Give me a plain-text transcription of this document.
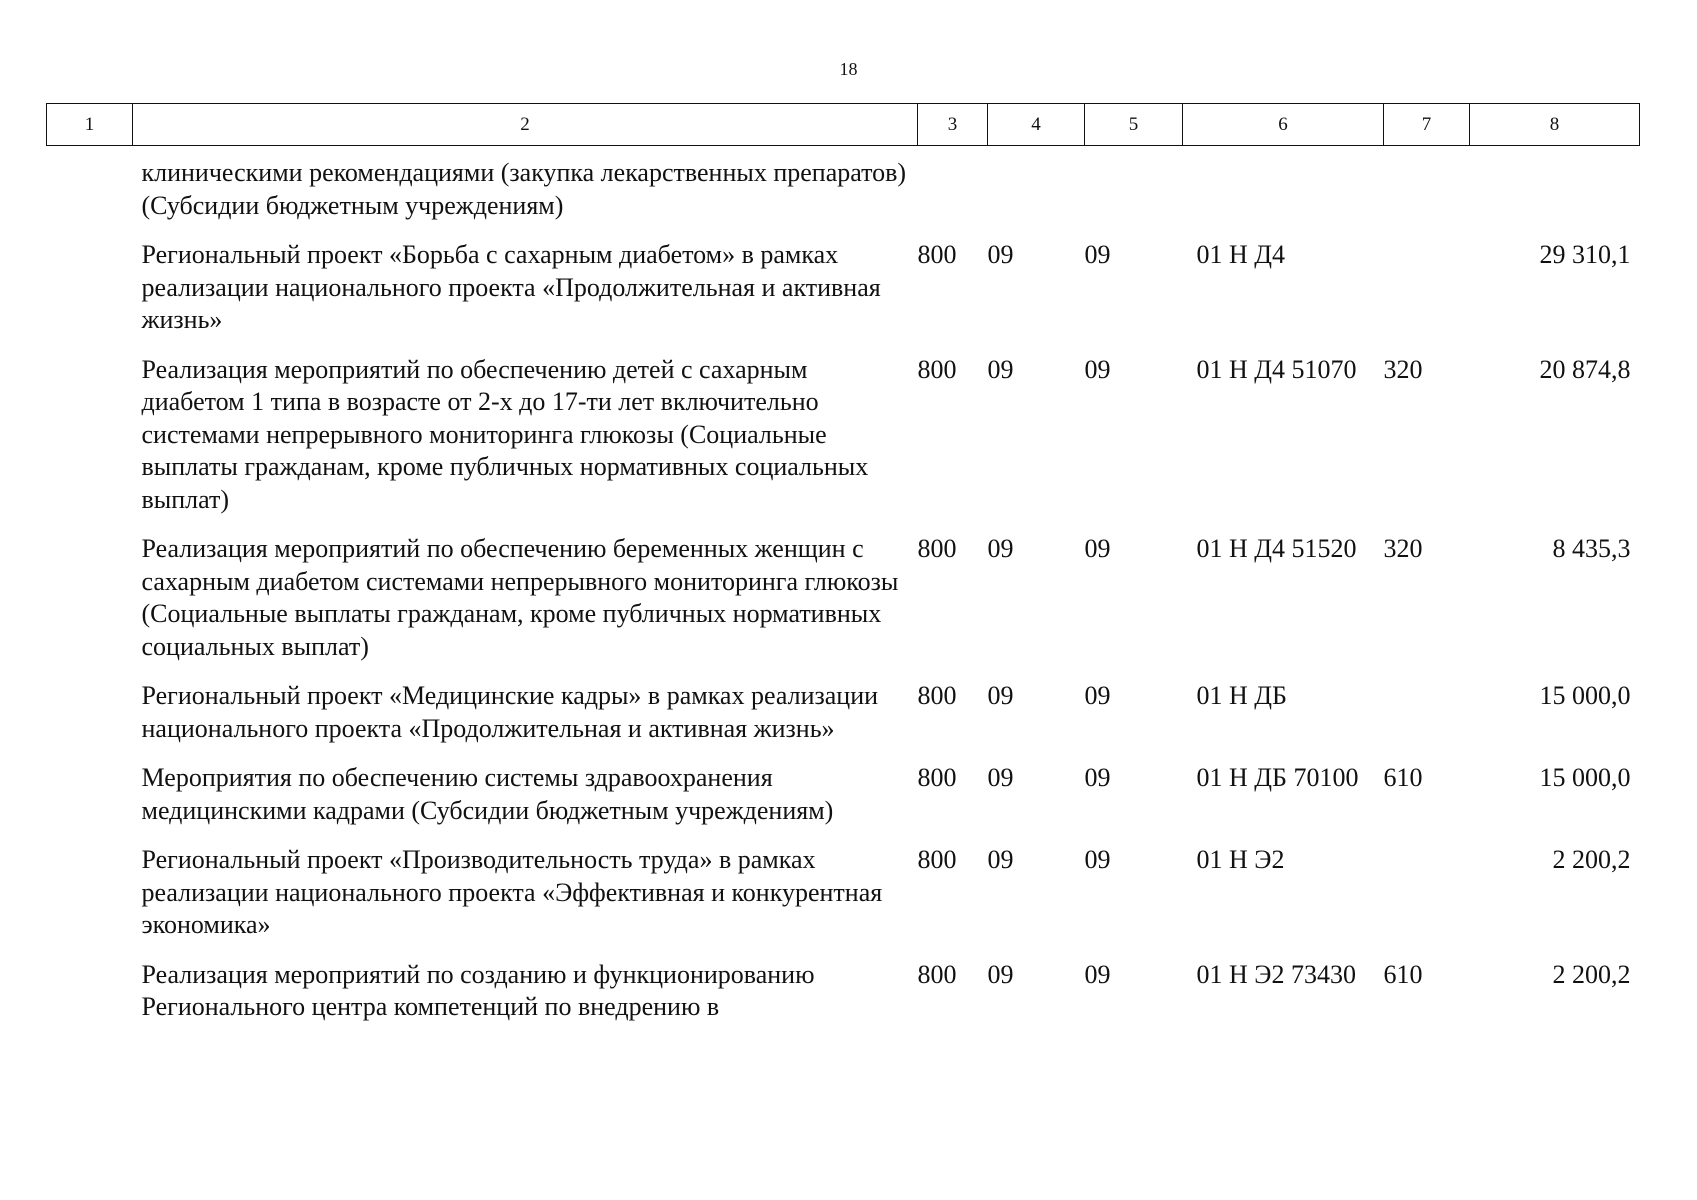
18
1	2	3	4	5	6	7	8
	клиническими рекомендациями (закупка лекарственных препаратов) (Субсидии бюджетным учреждениям)						
	Региональный проект «Борьба с сахарным диабетом» в рамках реализации национального проекта «Продолжительная и активная жизнь»	800	09	09	01 Н Д4		29 310,1
	Реализация мероприятий по обеспечению детей с сахарным диабетом 1 типа в возрасте от 2-х до 17-ти лет включительно системами непрерывного мониторинга глюкозы (Социальные выплаты гражданам, кроме публичных нормативных социальных выплат)	800	09	09	01 Н Д4 51070	320	20 874,8
	Реализация мероприятий по обеспечению беременных женщин с сахарным диабетом системами непрерывного мониторинга глюкозы (Социальные выплаты гражданам, кроме публичных нормативных социальных выплат)	800	09	09	01 Н Д4 51520	320	8 435,3
	Региональный проект «Медицинские кадры» в рамках реализации национального проекта «Продолжительная и активная жизнь»	800	09	09	01 Н ДБ		15 000,0
	Мероприятия по обеспечению системы здравоохранения медицинскими кадрами (Субсидии бюджетным учреждениям)	800	09	09	01 Н ДБ 70100	610	15 000,0
	Региональный проект «Производительность труда» в рамках реализации национального проекта «Эффективная и конкурентная экономика»	800	09	09	01 Н Э2		2 200,2
	Реализация мероприятий по созданию и функционированию Регионального центра компетенций по внедрению в	800	09	09	01 Н Э2 73430	610	2 200,2
